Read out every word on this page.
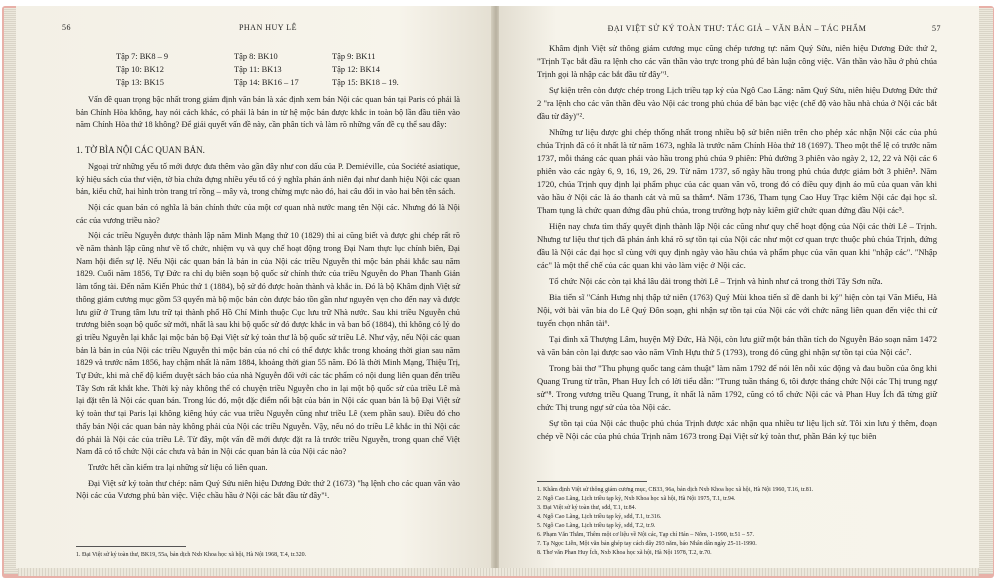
56	PHAN HUY LÊ
Tập 7: BK8 – 9	Tập 8: BK10	Tập 9: BK11
Tập 10: BK12	Tập 11: BK13	Tập 12: BK14
Tập 13: BK15	Tập 14: BK16 – 17	Tập 15: BK18 – 19.

Vấn đề quan trọng bậc nhất trong giám định văn bản là xác định xem bản Nội các quan bản tại Paris có phải là bản Chính Hòa không, hay nói cách khác, có phải là bản in từ hệ mộc bản được khắc in toàn bộ lần đầu tiên vào năm Chính Hòa thứ 18 không? Để giải quyết vấn đề này, cần phân tích và làm rõ những vấn đề cụ thể sau đây:

1. TỜ BÌA NỘI CÁC QUAN BẢN.

Ngoại trừ những yếu tố mới được đưa thêm vào gần đây như con dấu của P. Demiéville, của Société asiatique, ký hiệu sách của thư viện, tờ bìa chứa đựng nhiều yếu tố có ý nghĩa phản ánh niên đại như danh hiệu Nội các quan bản, kiểu chữ, hai hình tròn trang trí rồng – mây và, trong chừng mực nào đó, hai câu đối in vào hai bên tên sách.

Nội các quan bản có nghĩa là bản chính thức của một cơ quan nhà nước mang tên Nội các. Nhưng đó là Nội các của vương triều nào?

Nội các triều Nguyễn được thành lập năm Minh Mạng thứ 10 (1829) thì ai cũng biết và được ghi chép rất rõ về năm thành lập cũng như về tổ chức, nhiệm vụ và quy chế hoạt động trong Đại Nam thực lục chính biên, Đại Nam hội điển sự lệ. Nếu Nội các quan bản là bản in của Nội các triều Nguyễn thì mộc bản phải khắc sau năm 1829. Cuối năm 1856, Tự Đức ra chỉ dụ biên soạn bộ quốc sử chính thức của triều Nguyễn do Phan Thanh Giản làm tổng tài. Đến năm Kiến Phúc thứ 1 (1884), bộ sử đó được hoàn thành và khắc in. Đó là bộ Khâm định Việt sử thông giám cương mục gồm 53 quyển mà bộ mộc bản còn được bảo tồn gần như nguyên vẹn cho đến nay và được lưu giữ ở Trung tâm lưu trữ tại thành phố Hồ Chí Minh thuộc Cục lưu trữ Nhà nước. Sau khi triều Nguyễn chủ trương biên soạn bộ quốc sử mới, nhất là sau khi bộ quốc sử đó được khắc in và ban bố (1884), thì không có lý do gì triều Nguyễn lại khắc lại mộc bản bộ Đại Việt sử ký toàn thư là bộ quốc sử triều Lê. Như vậy, nếu Nội các quan bản là bản in của Nội các triều Nguyễn thì mộc bản của nó chỉ có thể được khắc trong khoảng thời gian sau năm 1829 và trước năm 1856, hay chậm nhất là năm 1884, khoảng thời gian 55 năm. Đó là thời Minh Mạng, Thiệu Trị, Tự Đức, khi mà chế độ kiểm duyệt sách báo của nhà Nguyễn đối với các tác phẩm có nội dung liên quan đến triều Tây Sơn rất khắt khe. Thời kỳ này không thể có chuyện triều Nguyễn cho in lại một bộ quốc sử của triều Lê mà lại đặt tên là Nội các quan bản. Trong lúc đó, một đặc điểm nổi bật của bản in Nội các quan bản là bộ Đại Việt sử ký toàn thư tại Paris lại không kiêng húy các vua triều Nguyễn cũng như triều Lê (xem phần sau). Điều đó cho thấy bản Nội các quan bản này không phải của Nội các triều Nguyễn. Vậy, nếu nó do triều Lê khắc in thì Nội các đó phải là Nội các của triều Lê. Từ đây, một vấn đề mới được đặt ra là trước triều Nguyễn, trong quan chế Việt Nam đã có tổ chức Nội các chưa và bản in Nội các quan bản là của Nội các nào?

Trước hết cần kiểm tra lại những sử liệu có liên quan.

Đại Việt sử ký toàn thư chép: năm Quý Sửu niên hiệu Dương Đức thứ 2 (1673) "hạ lệnh cho các quan văn vào Nội các của Vương phủ bàn việc. Việc chầu hầu ở Nội các bắt đầu từ đây"¹.

1. Đại Việt sử ký toàn thư, BK19, 55a, bản dịch Nxb Khoa học xã hội, Hà Nội 1968, T.4, tr.320.
ĐẠI VIỆT SỬ KÝ TOÀN THƯ: TÁC GIẢ – VĂN BẢN – TÁC PHẨM	57

Khâm định Việt sử thông giám cương mục cũng chép tương tự: năm Quý Sửu, niên hiệu Dương Đức thứ 2, "Trịnh Tạc bắt đầu ra lệnh cho các văn thần vào trực trong phủ để bàn luận công việc. Văn thần vào hầu ở phủ chúa Trịnh gọi là nhập các bắt đầu từ đây"¹.

Sự kiện trên còn được chép trong Lịch triều tạp kỷ của Ngô Cao Lãng: năm Quý Sửu, niên hiệu Dương Đức thứ 2 "ra lệnh cho các văn thần đều vào Nội các trong phủ chúa để bàn bạc việc (chế độ vào hầu nhà chúa ở Nội các bắt đầu từ đây)"².

Những tư liệu được ghi chép thống nhất trong nhiều bộ sử biên niên trên cho phép xác nhận Nội các của phủ chúa Trịnh đã có ít nhất là từ năm 1673, nghĩa là trước năm Chính Hòa thứ 18 (1697). Theo một thể lệ có trước năm 1737, mỗi tháng các quan phải vào hầu trong phủ chúa 9 phiên: Phủ đường 3 phiên vào ngày 2, 12, 22 và Nội các 6 phiên vào các ngày 6, 9, 16, 19, 26, 29. Từ năm 1737, số ngày hầu trong phủ chúa được giảm bớt 3 phiên³. Năm 1720, chúa Trịnh quy định lại phẩm phục của các quan văn võ, trong đó có điều quy định áo mũ của quan văn khi vào hầu ở Nội các là áo thanh cát và mũ sa thâm⁴. Năm 1736, Tham tụng Cao Huy Trạc kiêm Nội các đại học sĩ. Tham tụng là chức quan đứng đầu phủ chúa, trong trường hợp này kiêm giữ chức quan đứng đầu Nội các⁵.

Hiện nay chưa tìm thấy quyết định thành lập Nội các cũng như quy chế hoạt động của Nội các thời Lê – Trịnh. Nhưng tư liệu thư tịch đã phản ánh khá rõ sự tồn tại của Nội các như một cơ quan trực thuộc phủ chúa Trịnh, đứng đầu là Nội các đại học sĩ cùng với quy định ngày vào hầu chúa và phẩm phục của văn quan khi "nhập các". "Nhập các" là một thể chế của các quan khi vào làm việc ở Nội các.

Tổ chức Nội các còn tại khá lâu dài trong thời Lê – Trịnh và hình như cả trong thời Tây Sơn nữa.

Bia tiến sĩ "Cảnh Hưng nhị thập tứ niên (1763) Quý Mùi khoa tiến sĩ đề danh bi ký" hiện còn tại Văn Miếu, Hà Nội, với bài văn bia do Lê Quý Đôn soạn, ghi nhận sự tồn tại của Nội các với chức năng liên quan đến việc thi cử tuyển chọn nhân tài⁶.

Tại đình xã Thượng Lâm, huyện Mỹ Đức, Hà Nội, còn lưu giữ một bản thần tích do Nguyễn Bảo soạn năm 1472 và văn bản còn lại được sao vào năm Vĩnh Hựu thứ 5 (1793), trong đó cũng ghi nhận sự tồn tại của Nội các⁷.

Trong bài thơ "Thu phụng quốc tang cảm thuật" làm năm 1792 để nói lên nỗi xúc động và đau buồn của ông khi Quang Trung từ trần, Phan Huy Ích có lời tiểu dẫn: "Trung tuần tháng 6, tôi được tháng chức Nội các Thị trung ngự sử"⁸. Trong vương triều Quang Trung, ít nhất là năm 1792, cũng có tổ chức Nội các và Phan Huy Ích đã từng giữ chức Thị trung ngự sử của tòa Nội các.

Sự tồn tại của Nội các thuộc phủ chúa Trịnh được xác nhận qua nhiều tư liệu lịch sử. Tôi xin lưu ý thêm, đoạn chép về Nội các của phủ chúa Trịnh năm 1673 trong Đại Việt sử ký toàn thư, phần Bản kỷ tục biên

1. Khâm định Việt sử thông giám cương mục, CB33, 96a, bản dịch Nxb Khoa học xã hội, Hà Nội 1960, T.16, tr.81.
2. Ngô Cao Lãng, Lịch triều tạp kỷ, Nxb Khoa học xã hội, Hà Nội 1975, T.1, tr.94.
3. Đại Việt sử ký toàn thư, sđd, T.1, tr.84.
4. Ngô Cao Lãng, Lịch triều tạp kỷ, sđd, T.1, tr.316.
5. Ngô Cao Lãng, Lịch triều tạp kỷ, sđd, T.2, tr.9.
6. Phạm Văn Thắm, Thêm một cơ liệu về Nội các, Tạp chí Hán – Nôm, 1-1990, tr.51 – 57.
7. Tạ Ngọc Liễn, Một văn bản ghép tay cách đây 293 năm, báo Nhân dân ngày 25-11-1990.
8. Thơ văn Phan Huy Ích, Nxb Khoa học xã hội, Hà Nội 1978, T.2, tr.70.
